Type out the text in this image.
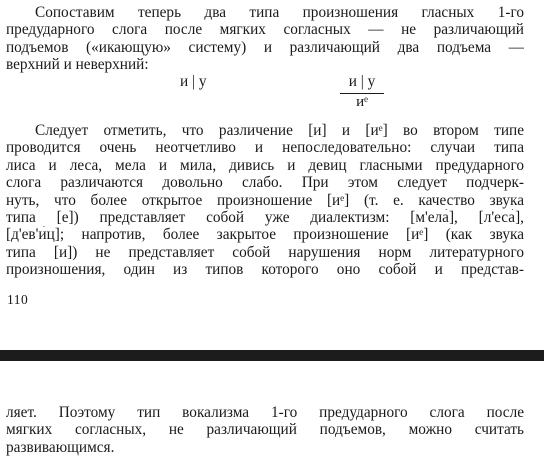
Сопоставим теперь два типа произношения гласных 1-го
предударного слога после мягких согласных — не различающий
подъемов («икающую» систему) и различающий два подъема —
верхний и неверхний:

и | у	и | у
иᵉ

Следует отметить, что различение [и] и [иᵉ] во втором типе
проводится очень неотчетливо и непоследовательно: случаи типа
лиса и леса, мела и мила, дивись и девиц гласными предударного
слога различаются довольно слабо. При этом следует подчерк-
нуть, что более открытое произношение [иᵉ] (т. е. качество звука
типа [е]) представляет собой уже диалектизм: [м'ела́], [л'еса́],
[д'ев'и́ц]; напротив, более закрытое произношение [иᵉ] (как звука
типа [и]) не представляет собой нарушения норм литературного
произношения, один из типов которого оно собой и представ-

110

ляет. Поэтому тип вокализма 1-го предударного слога после
мягких согласных, не различающий подъемов, можно считать
развивающимся.
